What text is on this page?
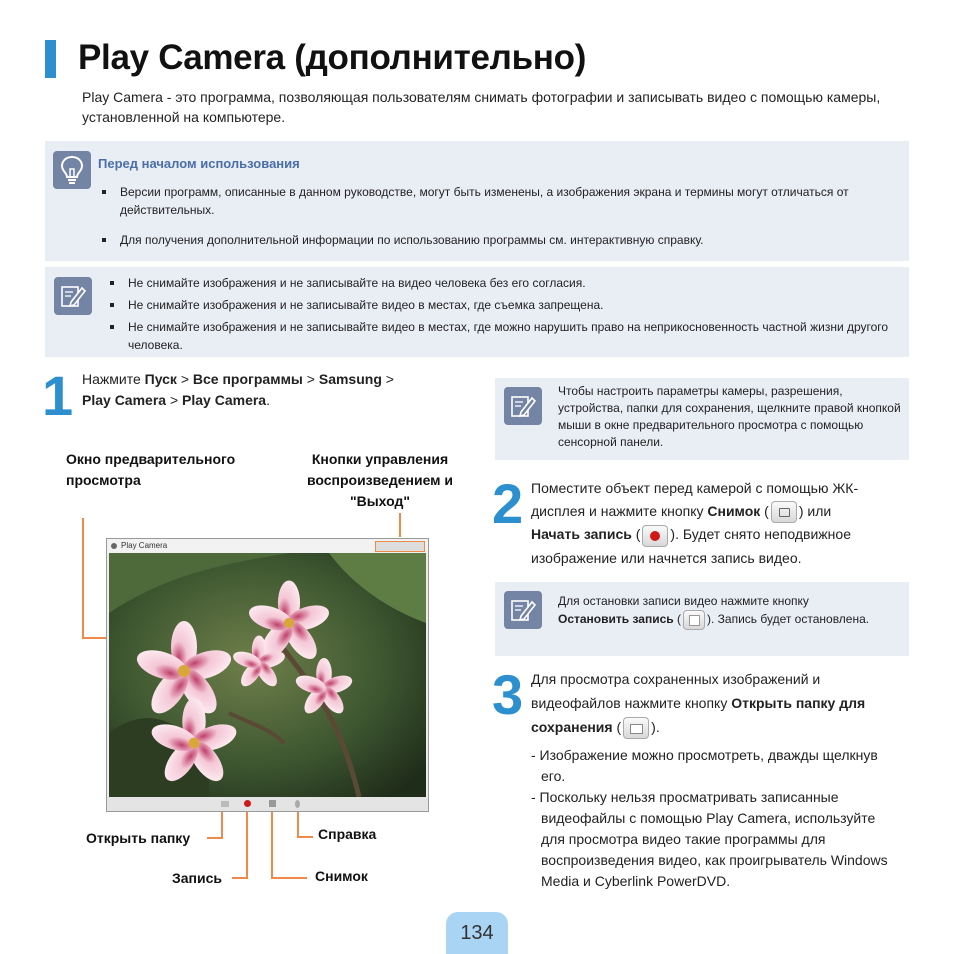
Play Camera (дополнительно)
Play Camera - это программа, позволяющая пользователям снимать фотографии и записывать видео с помощью камеры, установленной на компьютере.
Перед началом использования
Версии программ, описанные в данном руководстве, могут быть изменены, а изображения экрана и термины могут отличаться от действительных.
Для получения дополнительной информации по использованию программы см. интерактивную справку.
Не снимайте изображения и не записывайте на видео человека без его согласия.
Не снимайте изображения и не записывайте видео в местах, где съемка запрещена.
Не снимайте изображения и не записывайте видео в местах, где можно нарушить право на неприкосновенность частной жизни другого человека.
1 Нажмите Пуск > Все программы > Samsung >
Play Camera > Play Camera.
Окно предварительного просмотра
Кнопки управления воспроизведением и "Выход"
Play Camera
Открыть папку	Справка
Запись	Снимок
Чтобы настроить параметры камеры, разрешения, устройства, папки для сохранения, щелкните правой кнопкой мыши в окне предварительного просмотра с помощью сенсорной панели.
2 Поместите объект перед камерой с помощью ЖК-дисплея и нажмите кнопку Снимок ( ) или
Начать запись ( ). Будет снято неподвижное изображение или начнется запись видео.
Для остановки записи видео нажмите кнопку
Остановить запись ( ). Запись будет остановлена.
3 Для просмотра сохраненных изображений и видеофайлов нажмите кнопку Открыть папку для сохранения ( ).
- Изображение можно просмотреть, дважды щелкнув его.
- Поскольку нельзя просматривать записанные видеофайлы с помощью Play Camera, используйте для просмотра видео такие программы для воспроизведения видео, как проигрыватель Windows Media и Cyberlink PowerDVD.
134
